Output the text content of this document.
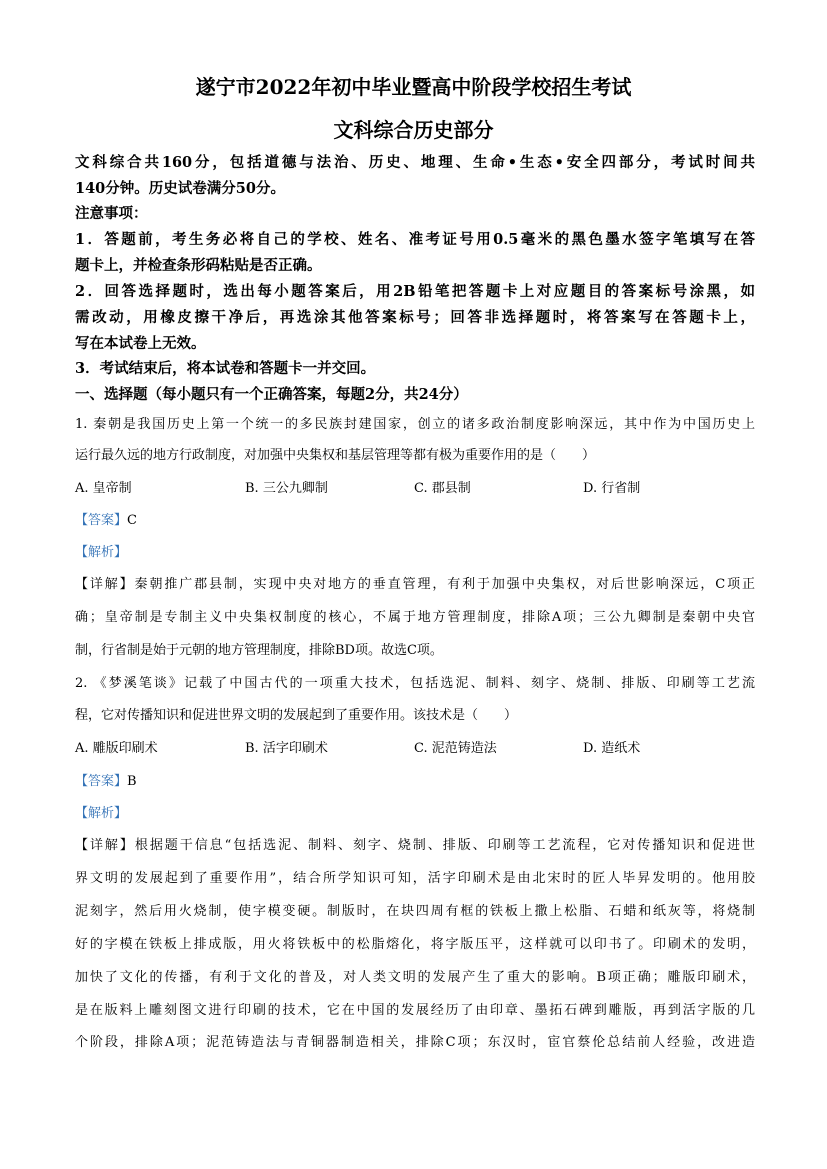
遂宁市2022年初中毕业暨高中阶段学校招生考试
文科综合历史部分
文科综合共160分，包括道德与法治、历史、地理、生命•生态•安全四部分，考试时间共
140分钟。历史试卷满分50分。
注意事项：
1．答题前，考生务必将自己的学校、姓名、准考证号用0.5毫米的黑色墨水签字笔填写在答
题卡上，并检查条形码粘贴是否正确。
2．回答选择题时，选出每小题答案后，用2B铅笔把答题卡上对应题目的答案标号涂黑，如
需改动，用橡皮擦干净后，再选涂其他答案标号；回答非选择题时，将答案写在答题卡上，
写在本试卷上无效。
3．考试结束后，将本试卷和答题卡一并交回。
一、选择题（每小题只有一个正确答案，每题2分，共24分）
1. 秦朝是我国历史上第一个统一的多民族封建国家，创立的诸多政治制度影响深远，其中作为中国历史上
运行最久远的地方行政制度，对加强中央集权和基层管理等都有极为重要作用的是（　　）
A. 皇帝制	B. 三公九卿制	C. 郡县制	D. 行省制
【答案】C
【解析】
【详解】秦朝推广郡县制，实现中央对地方的垂直管理，有利于加强中央集权，对后世影响深远，C项正
确；皇帝制是专制主义中央集权制度的核心，不属于地方管理制度，排除A项；三公九卿制是秦朝中央官
制，行省制是始于元朝的地方管理制度，排除BD项。故选C项。
2. 《梦溪笔谈》记载了中国古代的一项重大技术，包括选泥、制料、刻字、烧制、排版、印刷等工艺流
程，它对传播知识和促进世界文明的发展起到了重要作用。该技术是（　　）
A. 雕版印刷术	B. 活字印刷术	C. 泥范铸造法	D. 造纸术
【答案】B
【解析】
【详解】根据题干信息“包括选泥、制料、刻字、烧制、排版、印刷等工艺流程，它对传播知识和促进世
界文明的发展起到了重要作用”，结合所学知识可知，活字印刷术是由北宋时的匠人毕昇发明的。他用胶
泥刻字，然后用火烧制，使字模变硬。制版时，在块四周有框的铁板上撒上松脂、石蜡和纸灰等，将烧制
好的字模在铁板上排成版，用火将铁板中的松脂熔化，将字版压平，这样就可以印书了。印刷术的发明，
加快了文化的传播，有利于文化的普及，对人类文明的发展产生了重大的影响。B项正确；雕版印刷术，
是在版料上雕刻图文进行印刷的技术，它在中国的发展经历了由印章、墨拓石碑到雕版，再到活字版的几
个阶段，排除A项；泥范铸造法与青铜器制造相关，排除C项；东汉时，宦官蔡伦总结前人经验，改进造
